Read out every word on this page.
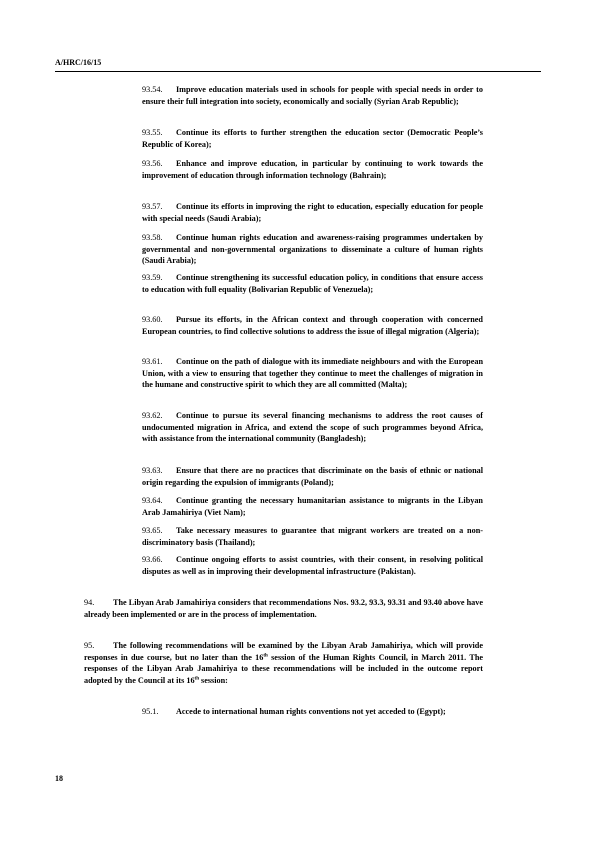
A/HRC/16/15

93.54. Improve education materials used in schools for people with special needs in order to ensure their full integration into society, economically and socially (Syrian Arab Republic);

93.55. Continue its efforts to further strengthen the education sector (Democratic People’s Republic of Korea);

93.56. Enhance and improve education, in particular by continuing to work towards the improvement of education through information technology (Bahrain);

93.57. Continue its efforts in improving the right to education, especially education for people with special needs (Saudi Arabia);

93.58. Continue human rights education and awareness-raising programmes undertaken by governmental and non-governmental organizations to disseminate a culture of human rights (Saudi Arabia);

93.59. Continue strengthening its successful education policy, in conditions that ensure access to education with full equality (Bolivarian Republic of Venezuela);

93.60. Pursue its efforts, in the African context and through cooperation with concerned European countries, to find collective solutions to address the issue of illegal migration (Algeria);

93.61. Continue on the path of dialogue with its immediate neighbours and with the European Union, with a view to ensuring that together they continue to meet the challenges of migration in the humane and constructive spirit to which they are all committed (Malta);

93.62. Continue to pursue its several financing mechanisms to address the root causes of undocumented migration in Africa, and extend the scope of such programmes beyond Africa, with assistance from the international community (Bangladesh);

93.63. Ensure that there are no practices that discriminate on the basis of ethnic or national origin regarding the expulsion of immigrants (Poland);

93.64. Continue granting the necessary humanitarian assistance to migrants in the Libyan Arab Jamahiriya (Viet Nam);

93.65. Take necessary measures to guarantee that migrant workers are treated on a non-discriminatory basis (Thailand);

93.66. Continue ongoing efforts to assist countries, with their consent, in resolving political disputes as well as in improving their developmental infrastructure (Pakistan).

94. The Libyan Arab Jamahiriya considers that recommendations Nos. 93.2, 93.3, 93.31 and 93.40 above have already been implemented or are in the process of implementation.

95. The following recommendations will be examined by the Libyan Arab Jamahiriya, which will provide responses in due course, but no later than the 16th session of the Human Rights Council, in March 2011. The responses of the Libyan Arab Jamahiriya to these recommendations will be included in the outcome report adopted by the Council at its 16th session:

95.1. Accede to international human rights conventions not yet acceded to (Egypt);

18
